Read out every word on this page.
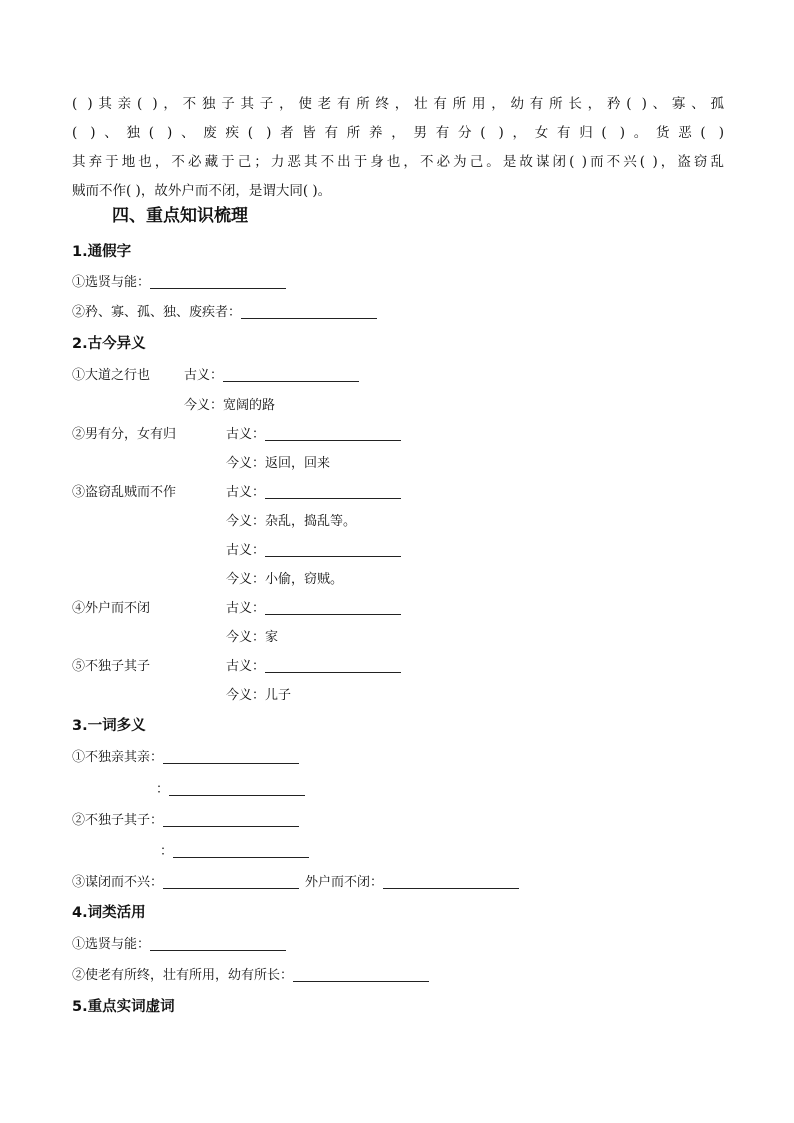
( )其亲( )，不独子其子，使老有所终，壮有所用，幼有所长，矜( )、寡、孤
( )、独( )、废疾( )者皆有所养，男有分( )，女有归( )。货恶( )
其弃于地也，不必藏于己；力恶其不出于身也，不必为己。是故谋闭( )而不兴( )，盗窃乱
贼而不作( )，故外户而不闭，是谓大同( )。
四、重点知识梳理
1.通假字
①选贤与能：
②矜、寡、孤、独、废疾者：
2.古今异义
①大道之行也	古义：
今义：宽阔的路
②男有分，女有归	古义：
今义：返回，回来
③盗窃乱贼而不作	古义：
今义：杂乱，捣乱等。
古义：
今义：小偷，窃贼。
④外户而不闭	古义：
今义：家
⑤不独子其子	古义：
今义：儿子
3.一词多义
①不独亲其亲：
：
②不独子其子：
：
③谋闭而不兴：	外户而不闭：
4.词类活用
①选贤与能：
②使老有所终，壮有所用，幼有所长：
5.重点实词虚词
